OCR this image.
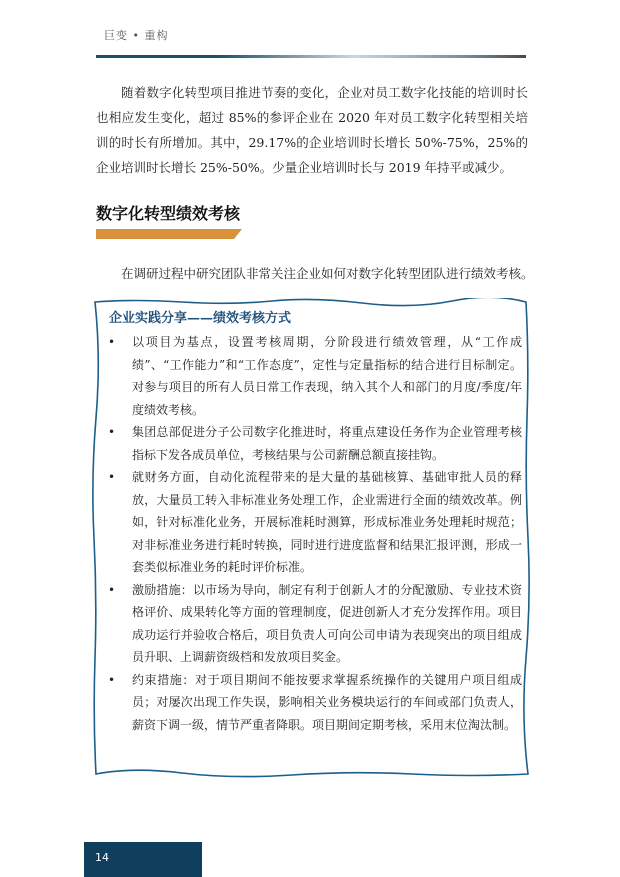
巨变 • 重构

随着数字化转型项目推进节奏的变化，企业对员工数字化技能的培训时长也相应发生变化，超过 85%的参评企业在 2020 年对员工数字化转型相关培训的时长有所增加。其中，29.17%的企业培训时长增长 50%-75%，25%的企业培训时长增长 25%-50%。少量企业培训时长与 2019 年持平或减少。

数字化转型绩效考核

在调研过程中研究团队非常关注企业如何对数字化转型团队进行绩效考核。

企业实践分享——绩效考核方式
• 以项目为基点，设置考核周期，分阶段进行绩效管理，从“工作成绩”、“工作能力”和“工作态度”，定性与定量指标的结合进行目标制定。对参与项目的所有人员日常工作表现，纳入其个人和部门的月度/季度/年度绩效考核。
• 集团总部促进分子公司数字化推进时，将重点建设任务作为企业管理考核指标下发各成员单位，考核结果与公司薪酬总额直接挂钩。
• 就财务方面，自动化流程带来的是大量的基础核算、基础审批人员的释放，大量员工转入非标准业务处理工作，企业需进行全面的绩效改革。例如，针对标准化业务，开展标准耗时测算，形成标准业务处理耗时规范；对非标准业务进行耗时转换，同时进行进度监督和结果汇报评测，形成一套类似标准业务的耗时评价标准。
• 激励措施：以市场为导向，制定有利于创新人才的分配激励、专业技术资格评价、成果转化等方面的管理制度，促进创新人才充分发挥作用。项目成功运行并验收合格后，项目负责人可向公司申请为表现突出的项目组成员升职、上调薪资级档和发放项目奖金。
• 约束措施：对于项目期间不能按要求掌握系统操作的关键用户项目组成员；对屡次出现工作失误，影响相关业务模块运行的车间或部门负责人，薪资下调一级，情节严重者降职。项目期间定期考核，采用末位淘汰制。
14
